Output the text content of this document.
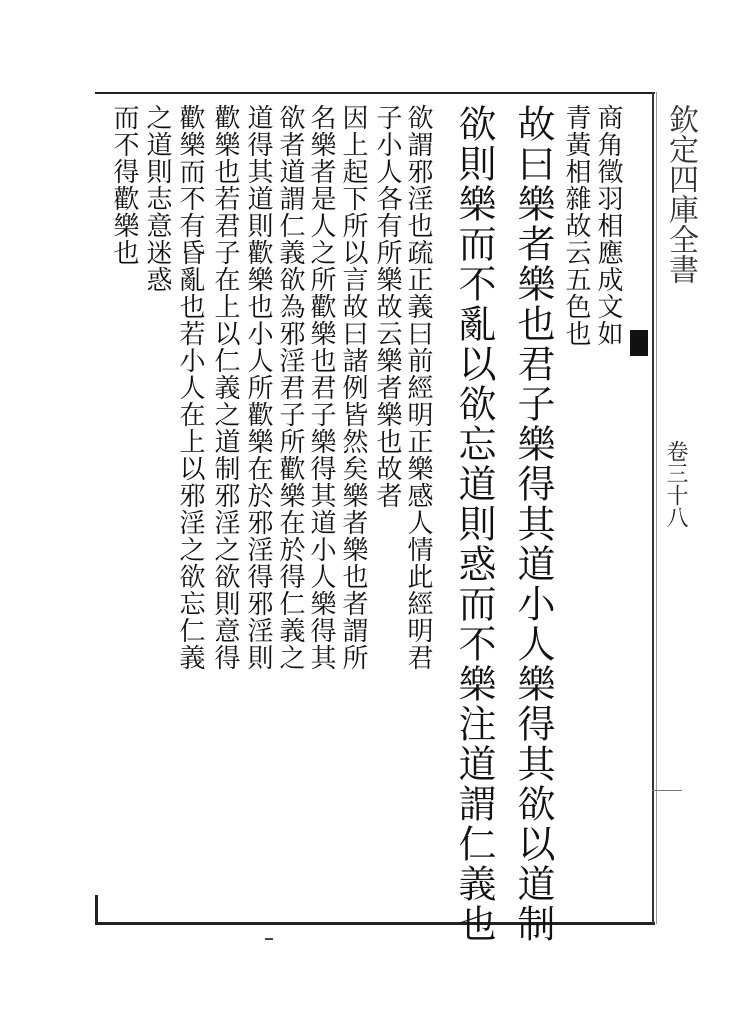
欽定四庫全書

卷三十八

商角徵羽相應成文如

青黃相雜故云五色也

故曰樂者樂也君子樂得其道小人樂得其欲以道制

欲則樂而不亂以欲忘道則惑而不樂注道謂仁義也

欲謂邪淫也疏正義曰前經明正樂感人情此經明君

子小人各有所樂故云樂者樂也故者

因上起下所以言故曰諸例皆然矣樂者樂也者謂所

名樂者是人之所歡樂也君子樂得其道小人樂得其

欲者道謂仁義欲為邪淫君子所歡樂在於得仁義之

道得其道則歡樂也小人所歡樂在於邪淫得邪淫則

歡樂也若君子在上以仁義之道制邪淫之欲則意得

歡樂而不有昏亂也若小人在上以邪淫之欲忘仁義

之道則志意迷惑

而不得歡樂也
